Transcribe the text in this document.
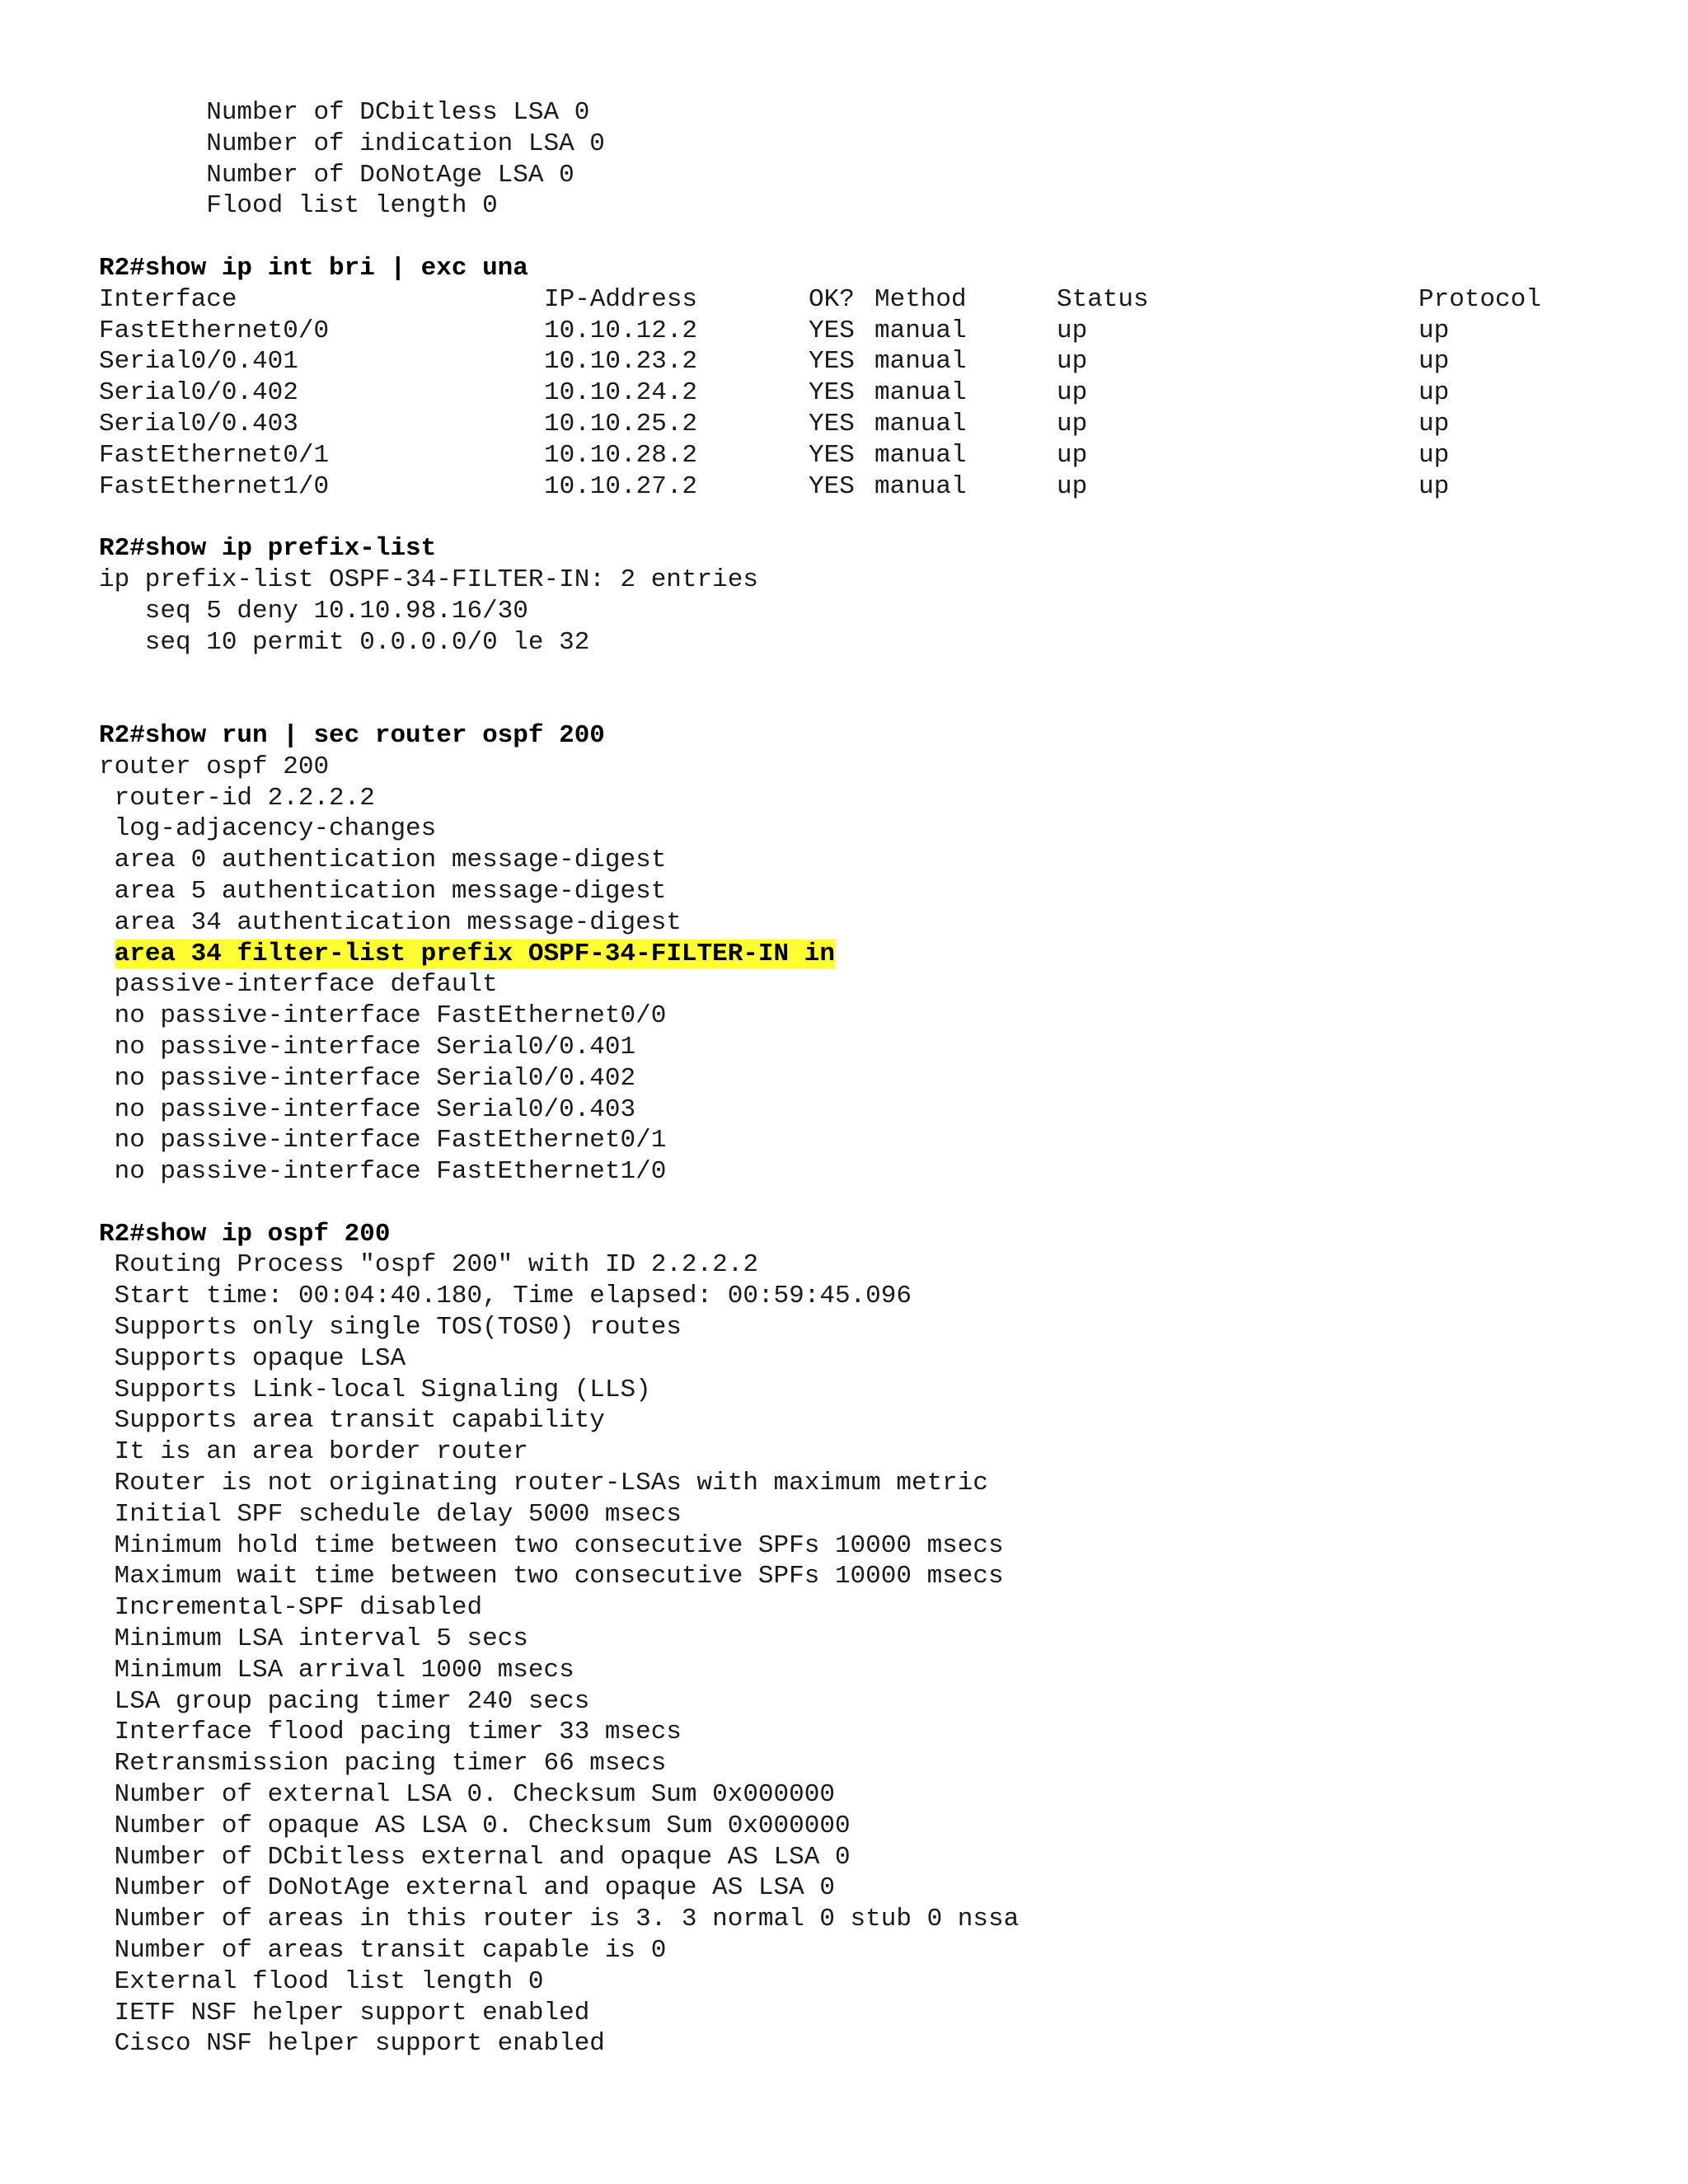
Number of DCbitless LSA 0
Number of indication LSA 0
Number of DoNotAge LSA 0
Flood list length 0
R2#show ip int bri | exc una
Interface	IP-Address	OK? Method	Status	Protocol
FastEthernet0/0	10.10.12.2	YES manual	up	up
Serial0/0.401	10.10.23.2	YES manual	up	up
Serial0/0.402	10.10.24.2	YES manual	up	up
Serial0/0.403	10.10.25.2	YES manual	up	up
FastEthernet0/1	10.10.28.2	YES manual	up	up
FastEthernet1/0	10.10.27.2	YES manual	up	up
R2#show ip prefix-list
ip prefix-list OSPF-34-FILTER-IN: 2 entries
seq 5 deny 10.10.98.16/30
seq 10 permit 0.0.0.0/0 le 32
R2#show run | sec router ospf 200
router ospf 200
router-id 2.2.2.2
log-adjacency-changes
area 0 authentication message-digest
area 5 authentication message-digest
area 34 authentication message-digest
area 34 filter-list prefix OSPF-34-FILTER-IN in
passive-interface default
no passive-interface FastEthernet0/0
no passive-interface Serial0/0.401
no passive-interface Serial0/0.402
no passive-interface Serial0/0.403
no passive-interface FastEthernet0/1
no passive-interface FastEthernet1/0
R2#show ip ospf 200
Routing Process "ospf 200" with ID 2.2.2.2
Start time: 00:04:40.180, Time elapsed: 00:59:45.096
Supports only single TOS(TOS0) routes
Supports opaque LSA
Supports Link-local Signaling (LLS)
Supports area transit capability
It is an area border router
Router is not originating router-LSAs with maximum metric
Initial SPF schedule delay 5000 msecs
Minimum hold time between two consecutive SPFs 10000 msecs
Maximum wait time between two consecutive SPFs 10000 msecs
Incremental-SPF disabled
Minimum LSA interval 5 secs
Minimum LSA arrival 1000 msecs
LSA group pacing timer 240 secs
Interface flood pacing timer 33 msecs
Retransmission pacing timer 66 msecs
Number of external LSA 0. Checksum Sum 0x000000
Number of opaque AS LSA 0. Checksum Sum 0x000000
Number of DCbitless external and opaque AS LSA 0
Number of DoNotAge external and opaque AS LSA 0
Number of areas in this router is 3. 3 normal 0 stub 0 nssa
Number of areas transit capable is 0
External flood list length 0
IETF NSF helper support enabled
Cisco NSF helper support enabled
